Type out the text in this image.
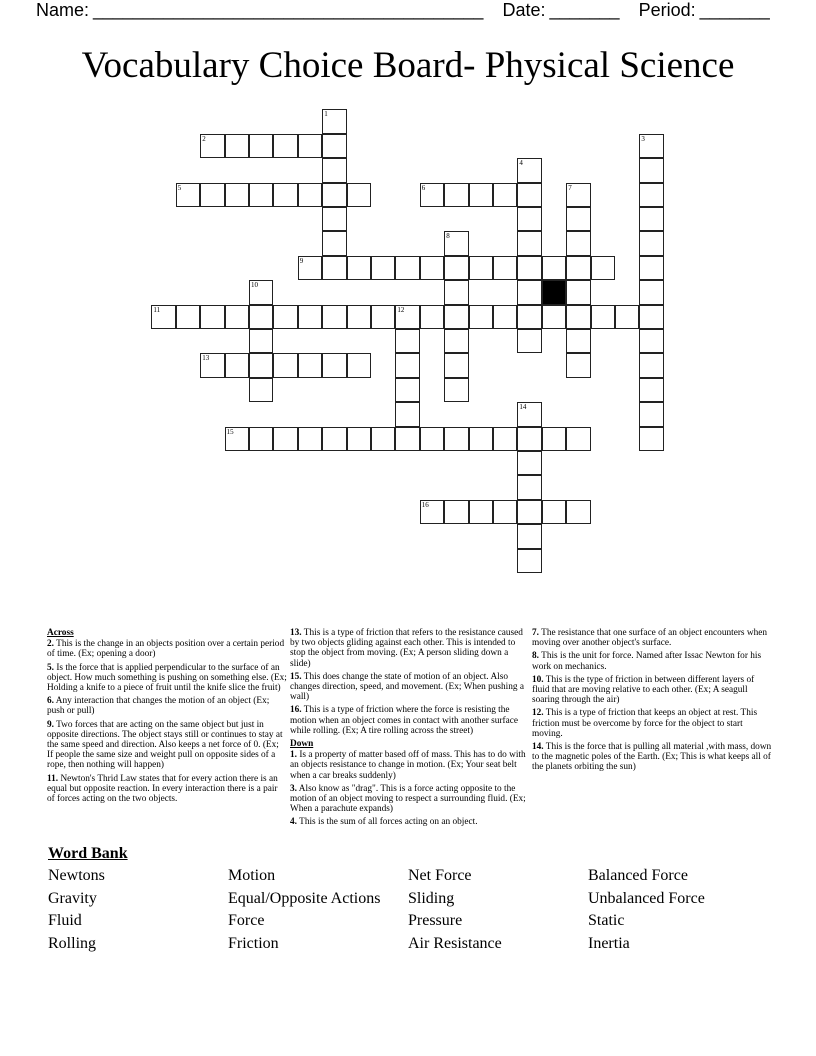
Name: _______________________________________ Date: _______ Period: _______
Vocabulary Choice Board- Physical Science
1
2	3
4
5	6	7
8
9
10
11	12
13
14
15
16
Across
2. This is the change in an objects position over a certain period of time. (Ex; opening a door)
5. Is the force that is applied perpendicular to the surface of an object. How much something is pushing on something else. (Ex; Holding a knife to a piece of fruit until the knife slice the fruit)
6. Any interaction that changes the motion of an object (Ex; push or pull)
9. Two forces that are acting on the same object but just in opposite directions. The object stays still or continues to stay at the same speed and direction. Also keeps a net force of 0. (Ex; If people the same size and weight pull on opposite sides of a rope, then nothing will happen)
11. Newton's Thrid Law states that for every action there is an equal but opposite reaction. In every interaction there is a pair of forces acting on the two objects.
13. This is a type of friction that refers to the resistance caused by two objects gliding against each other. This is intended to stop the object from moving. (Ex; A person sliding down a slide)
15. This does change the state of motion of an object. Also changes direction, speed, and movement. (Ex; When pushing a wall)
16. This is a type of friction where the force is resisting the motion when an object comes in contact with another surface while rolling. (Ex; A tire rolling across the street)
Down
1. Is a property of matter based off of mass. This has to do with an objects resistance to change in motion. (Ex; Your seat belt when a car breaks suddenly)
3. Also know as "drag". This is a force acting opposite to the motion of an object moving to respect a surrounding fluid. (Ex; When a parachute expands)
4. This is the sum of all forces acting on an object.
7. The resistance that one surface of an object encounters when moving over another object's surface.
8. This is the unit for force. Named after Issac Newton for his work on mechanics.
10. This is the type of friction in between different layers of fluid that are moving relative to each other. (Ex; A seagull soaring through the air)
12. This is a type of friction that keeps an object at rest. This friction must be overcome by force for the object to start moving.
14. This is the force that is pulling all material ,with mass, down to the magnetic poles of the Earth. (Ex; This is what keeps all of the planets orbiting the sun)
Word Bank
Newtons	Motion	Net Force	Balanced Force
Gravity	Equal/Opposite Actions	Sliding	Unbalanced Force
Fluid	Force	Pressure	Static
Rolling	Friction	Air Resistance	Inertia
